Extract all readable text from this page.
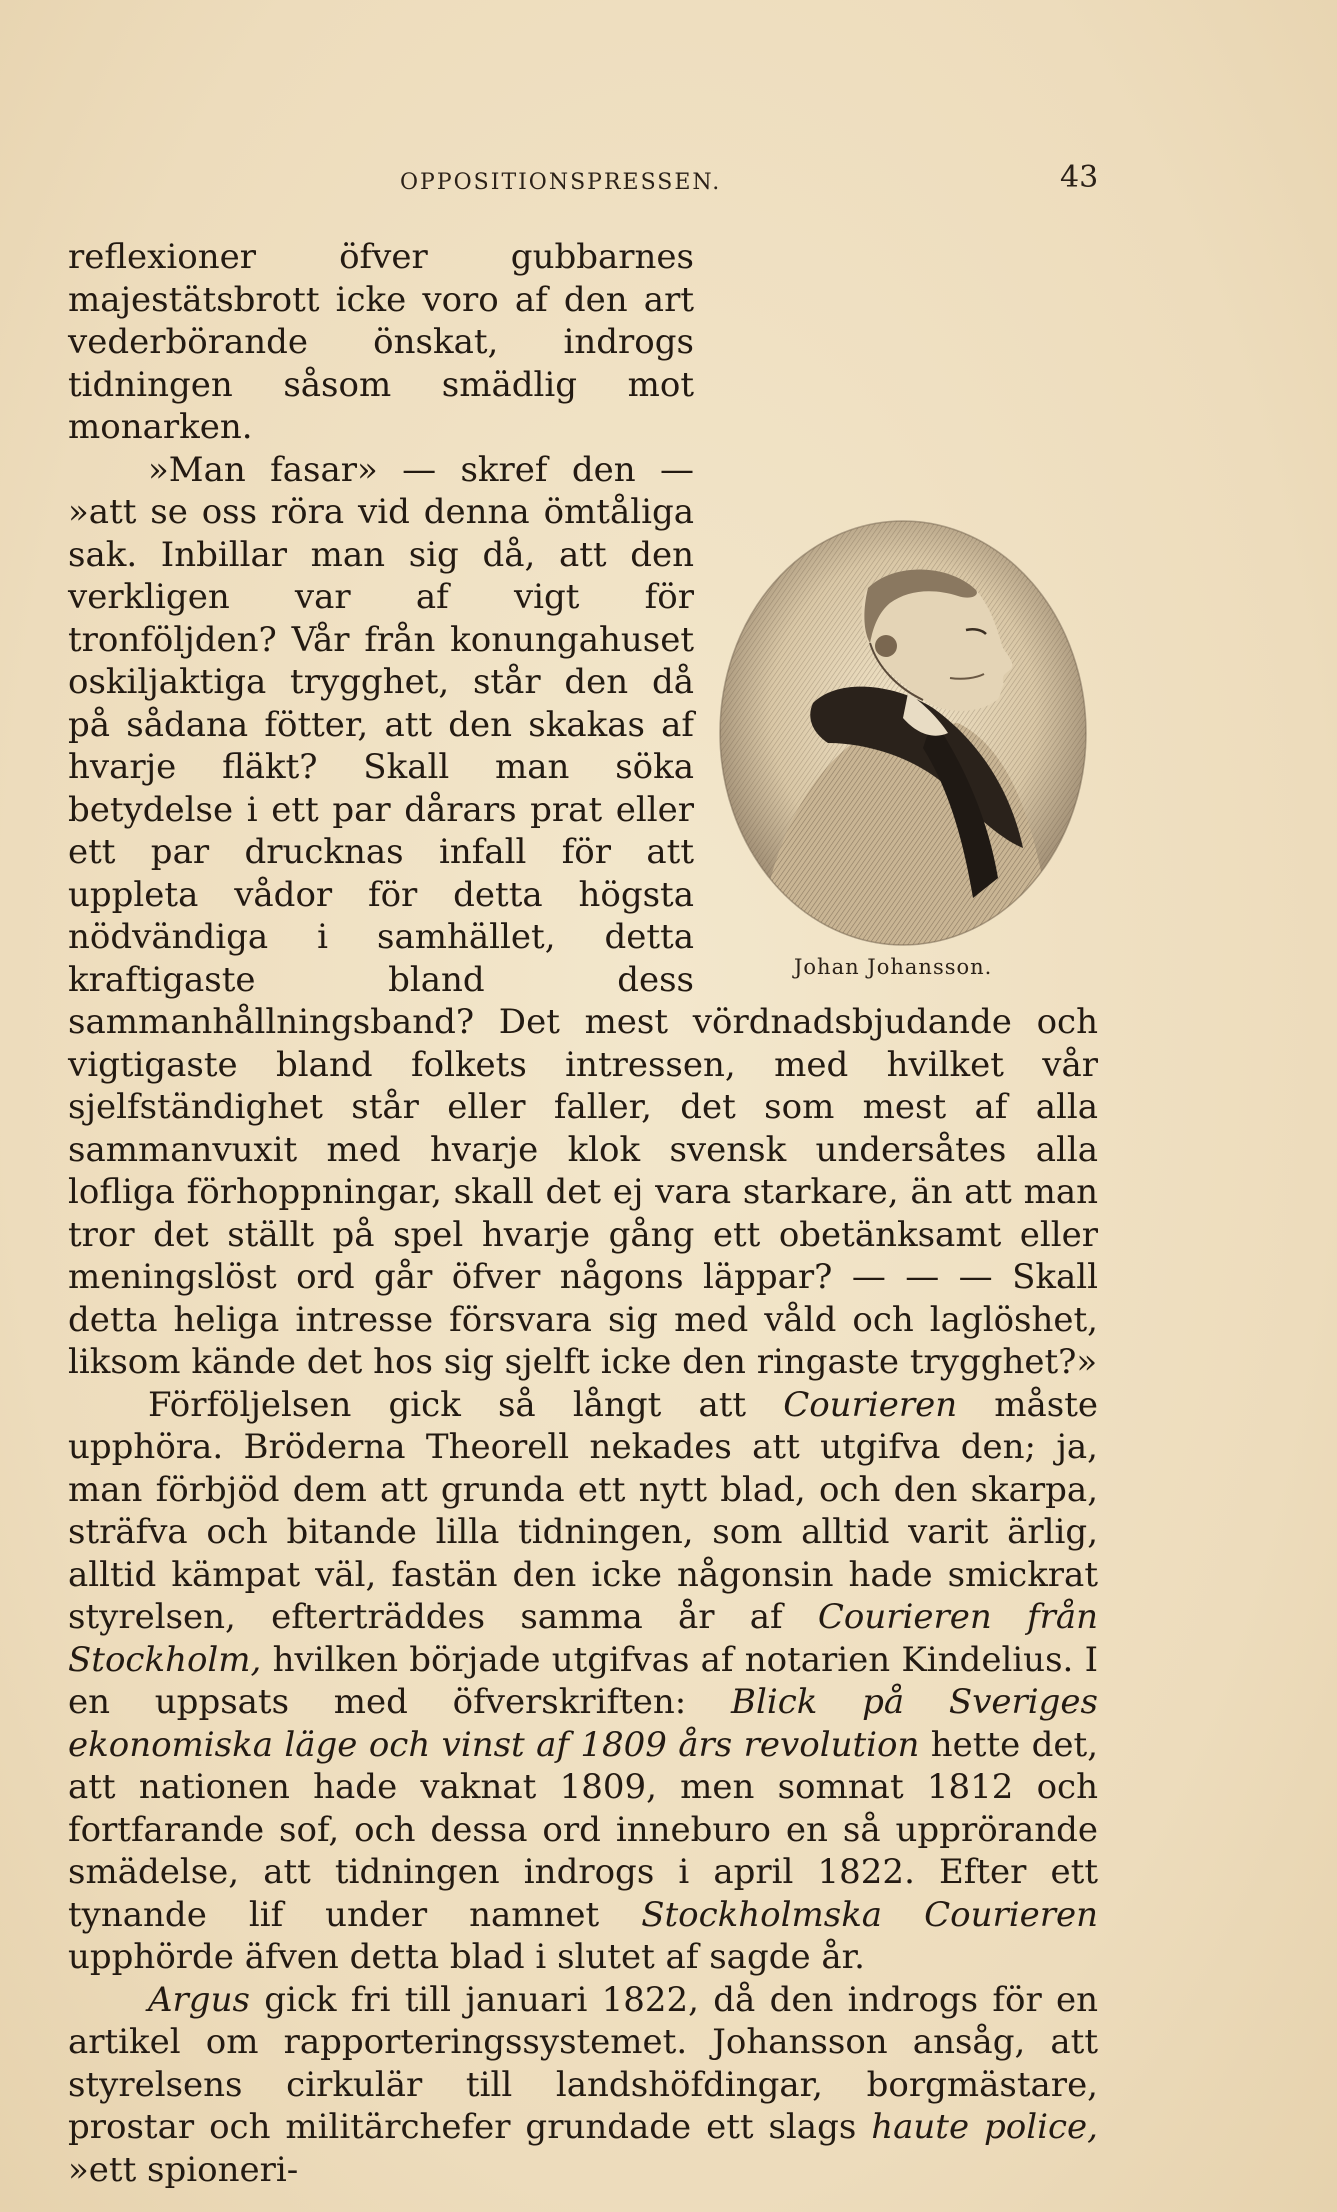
OPPOSITIONSPRESSEN.	43
Johan Johansson.

reflexioner öfver gubbarnes majestätsbrott icke voro af den art vederbörande önskat, indrogs tidningen såsom smädlig mot monarken.

»Man fasar» — skref den — »att se oss röra vid denna ömtåliga sak. Inbillar man sig då, att den verkligen var af vigt för tronföljden? Vår från konungahuset oskiljaktiga trygghet, står den då på sådana fötter, att den skakas af hvarje fläkt? Skall man söka betydelse i ett par dårars prat eller ett par drucknas infall för att uppleta vådor för detta högsta nödvändiga i samhället, detta kraftigaste bland dess sammanhållningsband? Det mest vördnadsbjudande och vigtigaste bland folkets intressen, med hvilket vår sjelfständighet står eller faller, det som mest af alla sammanvuxit med hvarje klok svensk undersåtes alla lofliga förhoppningar, skall det ej vara starkare, än att man tror det ställt på spel hvarje gång ett obetänksamt eller meningslöst ord går öfver någons läppar? — — — Skall detta heliga intresse försvara sig med våld och laglöshet, liksom kände det hos sig sjelft icke den ringaste trygghet?»

Förföljelsen gick så långt att Courieren måste upphöra. Bröderna Theorell nekades att utgifva den; ja, man förbjöd dem att grunda ett nytt blad, och den skarpa, sträfva och bitande lilla tidningen, som alltid varit ärlig, alltid kämpat väl, fastän den icke någonsin hade smickrat styrelsen, efterträddes samma år af Courieren från Stockholm, hvilken började utgifvas af notarien Kindelius. I en uppsats med öfverskriften: Blick på Sveriges ekonomiska läge och vinst af 1809 års revolution hette det, att nationen hade vaknat 1809, men somnat 1812 och fortfarande sof, och dessa ord inneburo en så upprörande smädelse, att tidningen indrogs i april 1822. Efter ett tynande lif under namnet Stockholmska Courieren upphörde äfven detta blad i slutet af sagde år.

Argus gick fri till januari 1822, då den indrogs för en artikel om rapporteringssystemet. Johansson ansåg, att styrelsens cirkulär till landshöfdingar, borgmästare, prostar och militärchefer grundade ett slags haute police, »ett spioneri-
